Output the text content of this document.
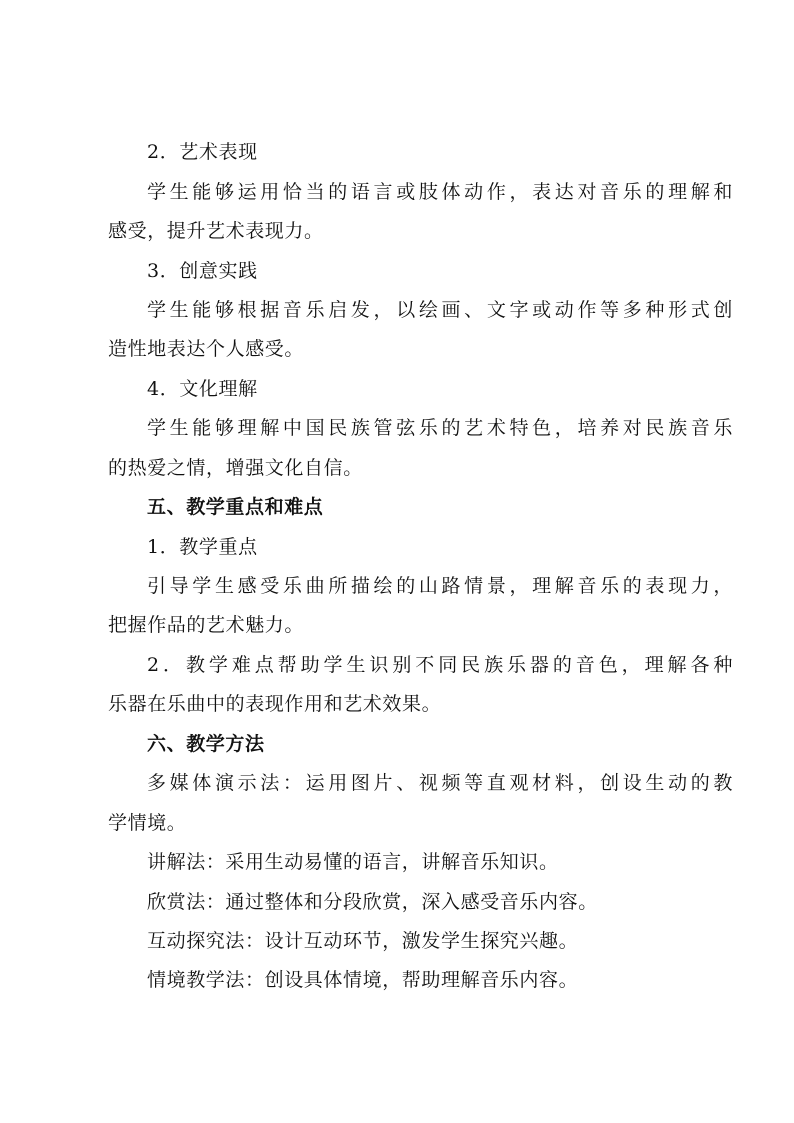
2．艺术表现
学生能够运用恰当的语言或肢体动作，表达对音乐的理解和
感受，提升艺术表现力。
3．创意实践
学生能够根据音乐启发，以绘画、文字或动作等多种形式创
造性地表达个人感受。
4．文化理解
学生能够理解中国民族管弦乐的艺术特色，培养对民族音乐
的热爱之情，增强文化自信。
五、教学重点和难点
1．教学重点
引导学生感受乐曲所描绘的山路情景，理解音乐的表现力，
把握作品的艺术魅力。
2．教学难点帮助学生识别不同民族乐器的音色，理解各种
乐器在乐曲中的表现作用和艺术效果。
六、教学方法
多媒体演示法：运用图片、视频等直观材料，创设生动的教
学情境。
讲解法：采用生动易懂的语言，讲解音乐知识。
欣赏法：通过整体和分段欣赏，深入感受音乐内容。
互动探究法：设计互动环节，激发学生探究兴趣。
情境教学法：创设具体情境，帮助理解音乐内容。
